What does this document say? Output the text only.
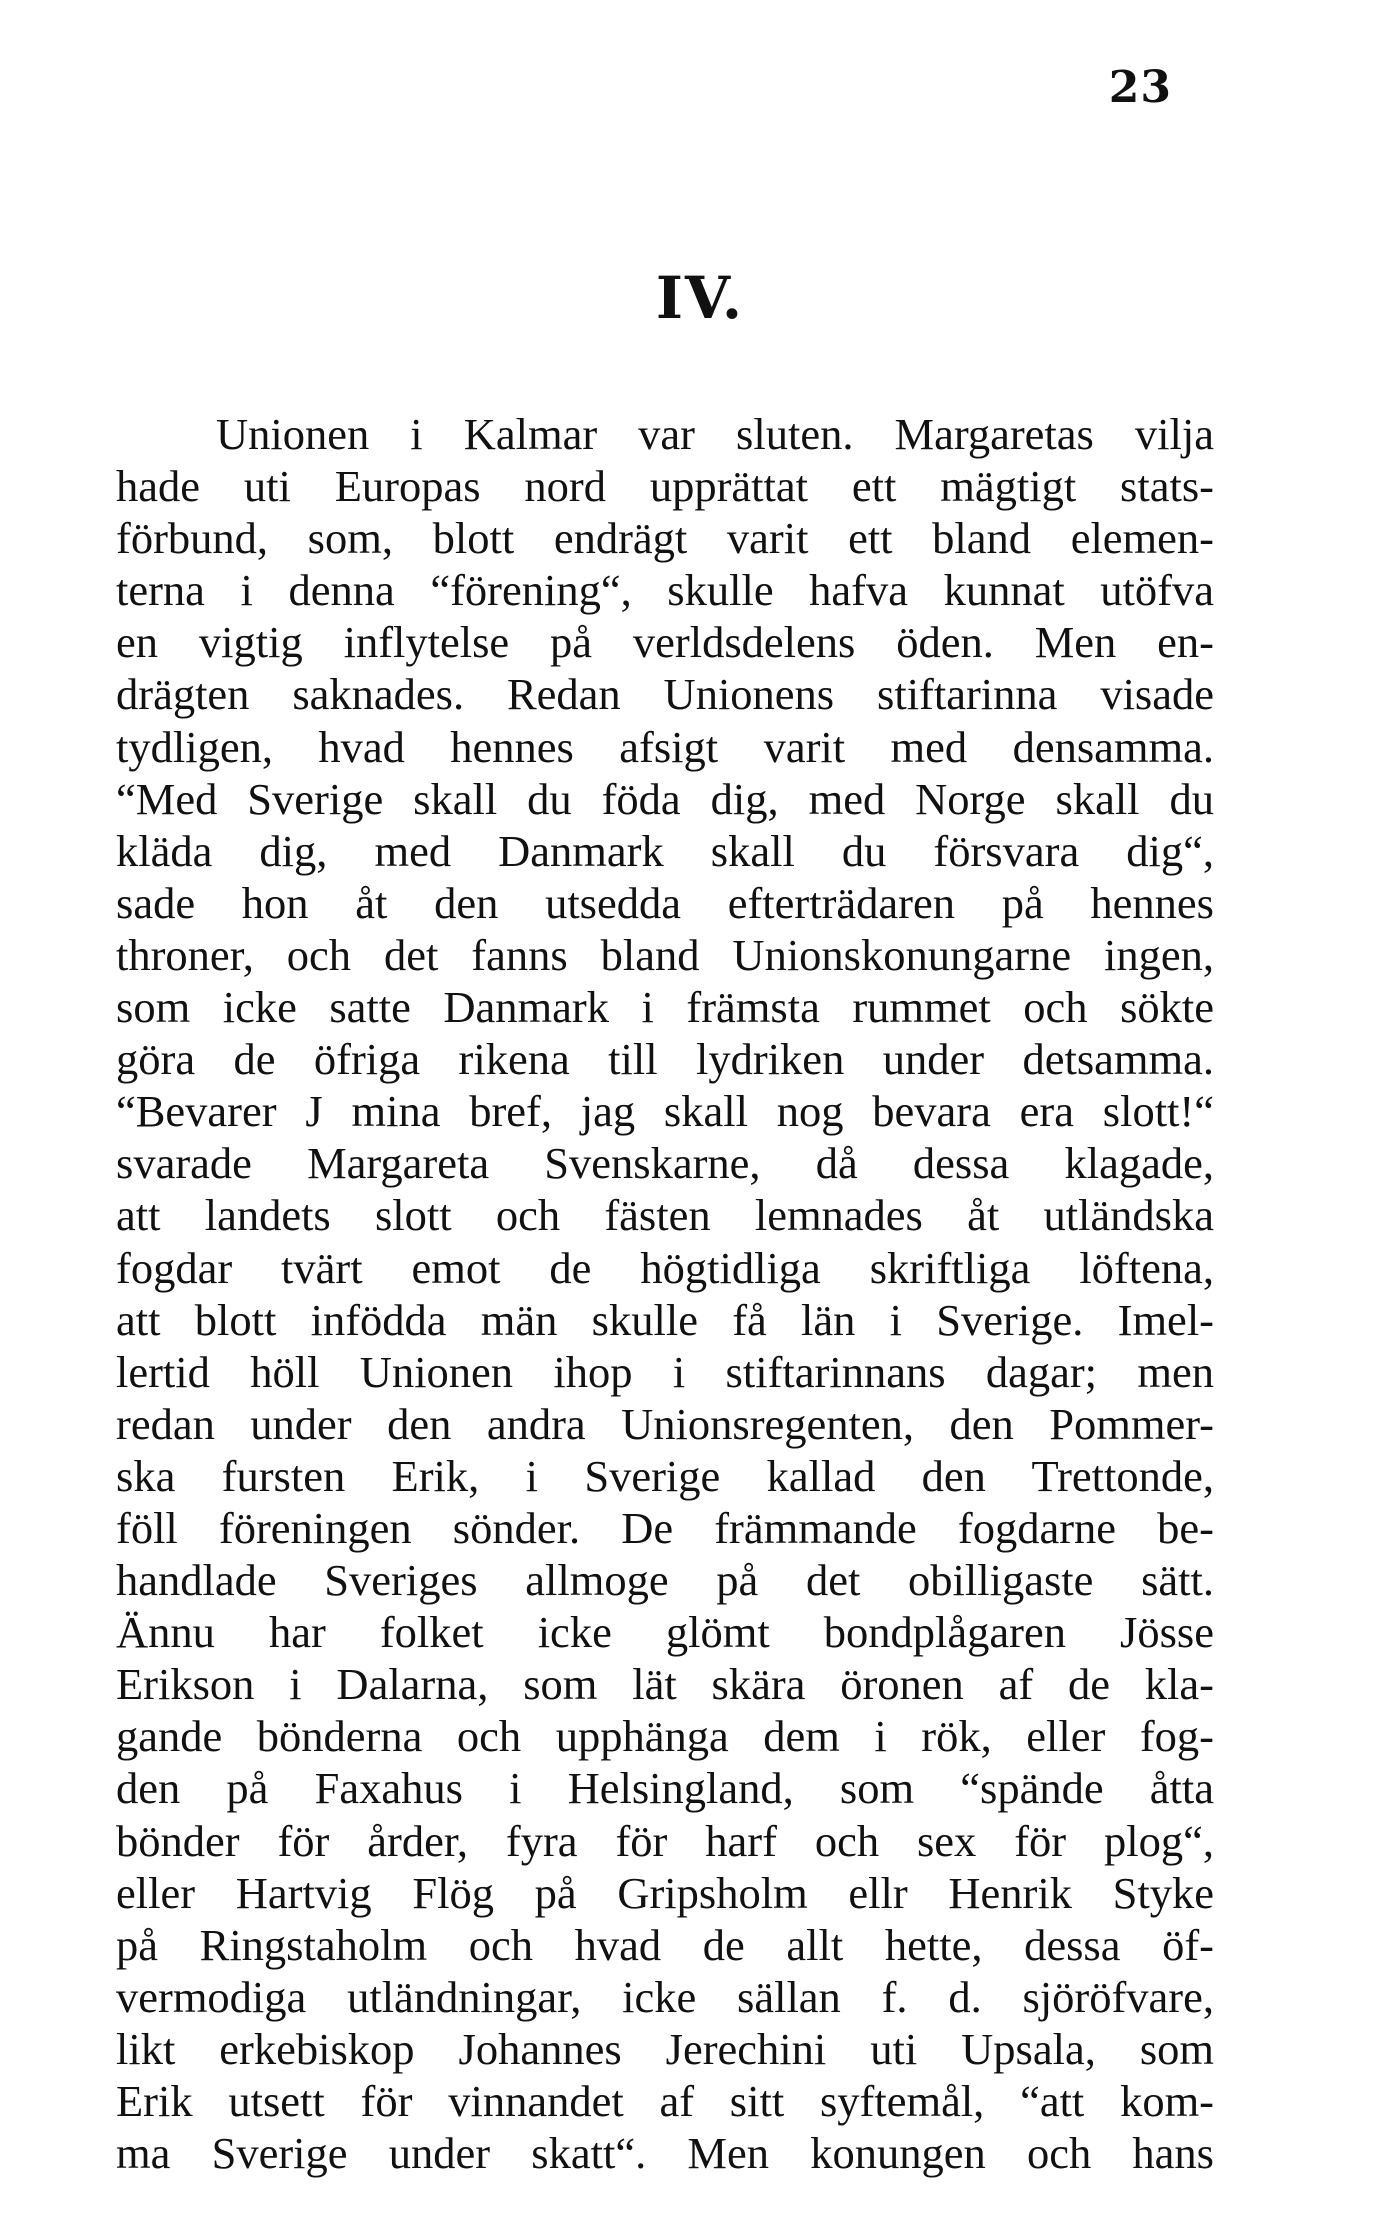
23
IV.
Unionen i Kalmar var sluten. Margaretas vilja
hade uti Europas nord upprättat ett mägtigt stats-
förbund, som, blott endrägt varit ett bland elemen-
terna i denna “förening“, skulle hafva kunnat utöfva
en vigtig inflytelse på verldsdelens öden. Men en-
drägten saknades. Redan Unionens stiftarinna visade
tydligen, hvad hennes afsigt varit med densamma.
“Med Sverige skall du föda dig, med Norge skall du
kläda dig, med Danmark skall du försvara dig“,
sade hon åt den utsedda efterträdaren på hennes
throner, och det fanns bland Unionskonungarne ingen,
som icke satte Danmark i främsta rummet och sökte
göra de öfriga rikena till lydriken under detsamma.
“Bevarer J mina bref, jag skall nog bevara era slott!“
svarade Margareta Svenskarne, då dessa klagade,
att landets slott och fästen lemnades åt utländska
fogdar tvärt emot de högtidliga skriftliga löftena,
att blott infödda män skulle få län i Sverige. Imel-
lertid höll Unionen ihop i stiftarinnans dagar; men
redan under den andra Unionsregenten, den Pommer-
ska fursten Erik, i Sverige kallad den Trettonde,
föll föreningen sönder. De främmande fogdarne be-
handlade Sveriges allmoge på det obilligaste sätt.
Ännu har folket icke glömt bondplågaren Jösse
Erikson i Dalarna, som lät skära öronen af de kla-
gande bönderna och upphänga dem i rök, eller fog-
den på Faxahus i Helsingland, som “spände åtta
bönder för årder, fyra för harf och sex för plog“,
eller Hartvig Flög på Gripsholm ellr Henrik Styke
på Ringstaholm och hvad de allt hette, dessa öf-
vermodiga utländningar, icke sällan f. d. sjöröfvare,
likt erkebiskop Johannes Jerechini uti Upsala, som
Erik utsett för vinnandet af sitt syftemål, “att kom-
ma Sverige under skatt“. Men konungen och hans
